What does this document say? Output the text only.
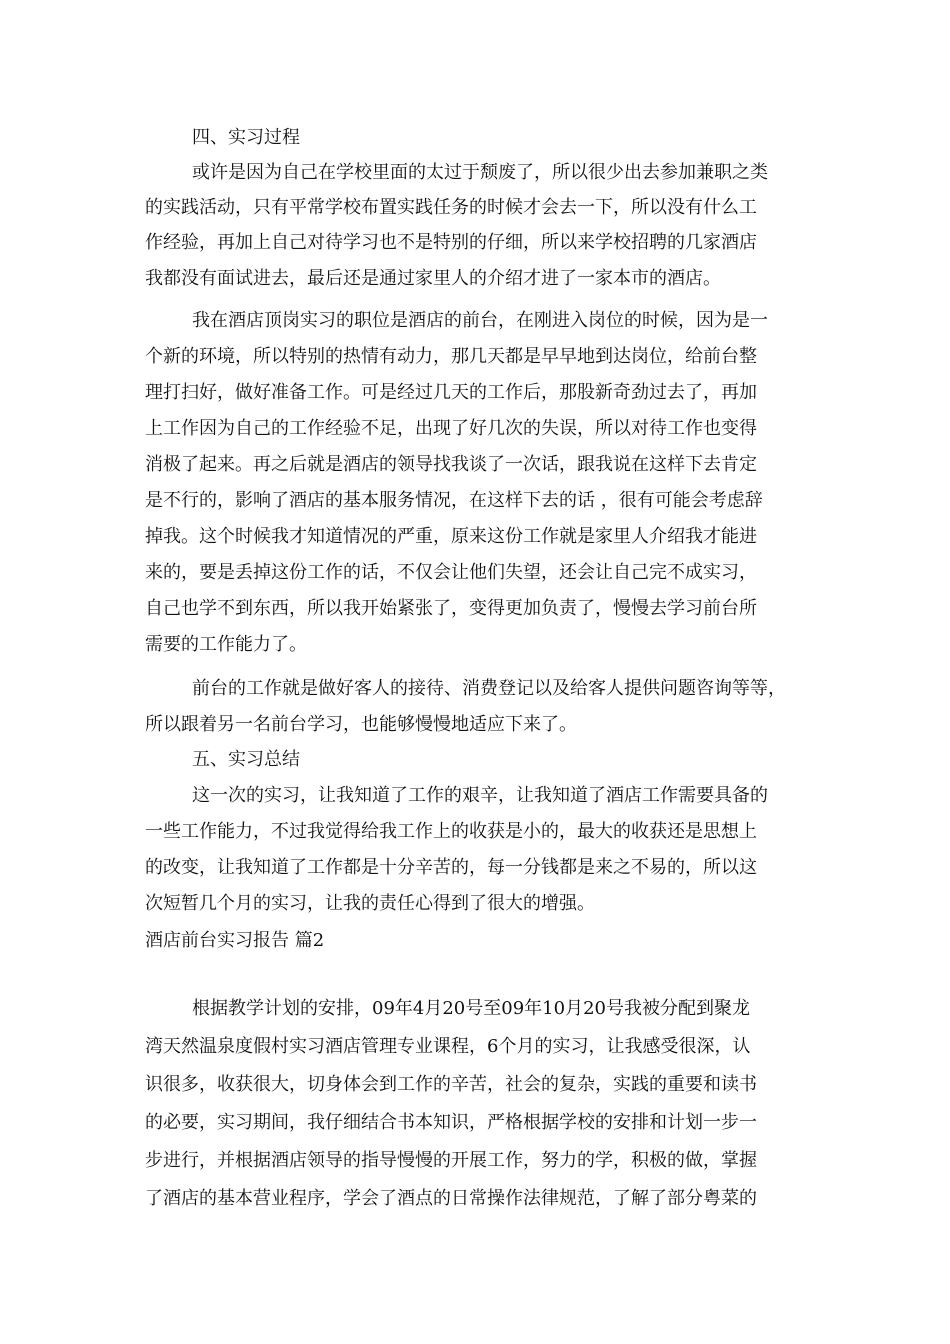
四、实习过程
或许是因为自己在学校里面的太过于颓废了，所以很少出去参加兼职之类
的实践活动，只有平常学校布置实践任务的时候才会去一下，所以没有什么工
作经验，再加上自己对待学习也不是特别的仔细，所以来学校招聘的几家酒店
我都没有面试进去，最后还是通过家里人的介绍才进了一家本市的酒店。
我在酒店顶岗实习的职位是酒店的前台，在刚进入岗位的时候，因为是一
个新的环境，所以特别的热情有动力，那几天都是早早地到达岗位，给前台整
理打扫好，做好准备工作。可是经过几天的工作后，那股新奇劲过去了，再加
上工作因为自己的工作经验不足，出现了好几次的失误，所以对待工作也变得
消极了起来。再之后就是酒店的领导找我谈了一次话，跟我说在这样下去肯定
是不行的，影响了酒店的基本服务情况，在这样下去的话 ，很有可能会考虑辞
掉我。这个时候我才知道情况的严重，原来这份工作就是家里人介绍我才能进
来的，要是丢掉这份工作的话，不仅会让他们失望，还会让自己完不成实习，
自己也学不到东西，所以我开始紧张了，变得更加负责了，慢慢去学习前台所
需要的工作能力了。
前台的工作就是做好客人的接待、消费登记以及给客人提供问题咨询等等，
所以跟着另一名前台学习，也能够慢慢地适应下来了。
五、实习总结
这一次的实习，让我知道了工作的艰辛，让我知道了酒店工作需要具备的
一些工作能力，不过我觉得给我工作上的收获是小的，最大的收获还是思想上
的改变，让我知道了工作都是十分辛苦的，每一分钱都是来之不易的，所以这
次短暂几个月的实习，让我的责任心得到了很大的增强。
酒店前台实习报告 篇2
根据教学计划的安排，09年4月20号至09年10月20号我被分配到聚龙
湾天然温泉度假村实习酒店管理专业课程，6个月的实习，让我感受很深，认
识很多，收获很大，切身体会到工作的辛苦，社会的复杂，实践的重要和读书
的必要，实习期间，我仔细结合书本知识，严格根据学校的安排和计划一步一
步进行，并根据酒店领导的指导慢慢的开展工作，努力的学，积极的做，掌握
了酒店的基本营业程序，学会了酒点的日常操作法律规范，了解了部分粤菜的
